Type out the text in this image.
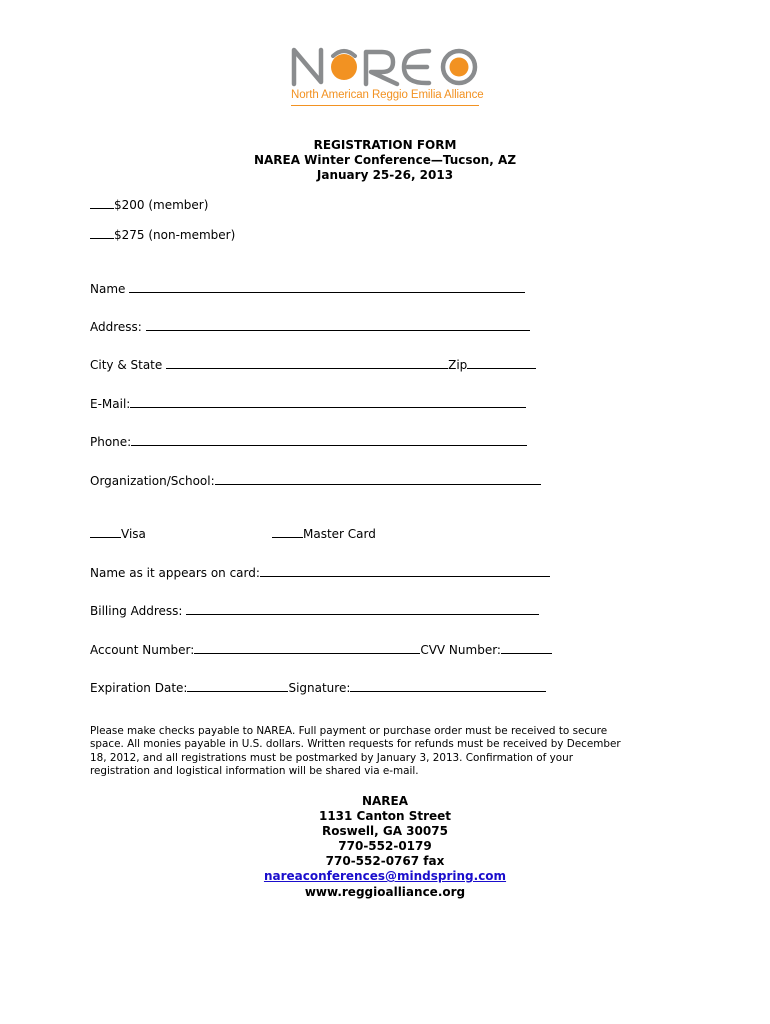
North American Reggio Emilia Alliance
REGISTRATION FORM
NAREA Winter Conference—Tucson, AZ
January 25-26, 2013
$200 (member)
$275 (non-member)
Name
Address:
City & State	Zip
E-Mail:
Phone:
Organization/School:
Visa	Master Card
Name as it appears on card:
Billing Address:
Account Number:	CVV Number:
Expiration Date:	Signature:
Please make checks payable to NAREA. Full payment or purchase order must be received to secure
space. All monies payable in U.S. dollars. Written requests for refunds must be received by December
18, 2012, and all registrations must be postmarked by January 3, 2013. Confirmation of your
registration and logistical information will be shared via e-mail.
NAREA
1131 Canton Street
Roswell, GA 30075
770-552-0179
770-552-0767 fax
nareaconferences@mindspring.com
www.reggioalliance.org
